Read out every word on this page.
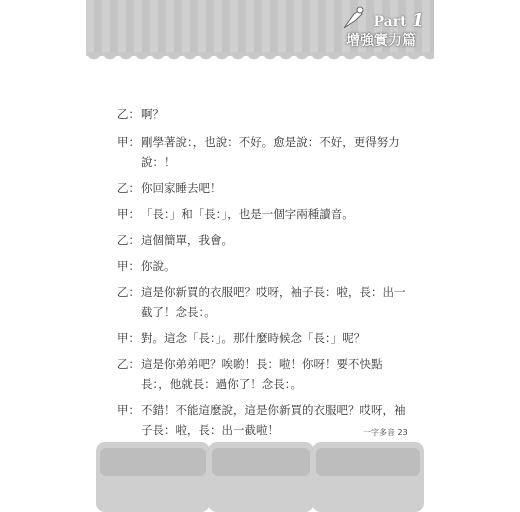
Part 1
增強實力篇
乙： 啊？
甲： 剛學著說：，也說：不好。愈是說：不好，更得努力說：！
乙： 你回家睡去吧！
甲： 「長：」和「長：」，也是一個字兩種讀音。
乙： 這個簡單，我會。
甲： 你說。
乙： 這是你新買的衣服吧？哎呀，袖子長：啦，長：出一截了！念長：。
甲： 對。這念「長：」。那什麼時候念「長：」呢？
乙： 這是你弟弟吧？唉喲！長：啦！你呀！要不快點長：，他就長：過你了！念長：。
甲： 不錯！不能這麼說，這是你新買的衣服吧？哎呀，袖子長：啦，長：出一截啦！	一字多音 23
